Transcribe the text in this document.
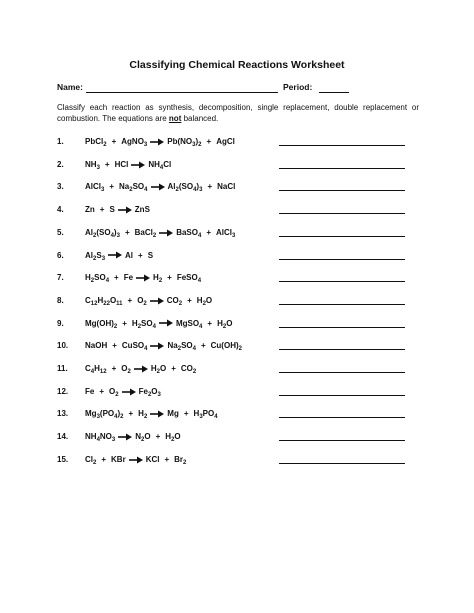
Classifying Chemical Reactions Worksheet
Name:	Period:

Classify each reaction as synthesis, decomposition, single replacement, double replacement or combustion. The equations are not balanced.

1.	PbCl$_2$ + AgNO$_3$ → $Pb(NO_3)_2$ + AgCl
2.	$NH_3$ + HCl → $NH_4Cl$
3.	AlCl$_3$ + $Na_2SO_4 \to Al_2(SO_4)_3$ + NaCl
4.	Zn + S → ZnS
5.	$Al_2(SO_4)_3$ + BaCl$_2$ → BaSO$_4$ + AlCl$_3$
6.	$Al_2S_3 \to Al + S$
7.	$H_2SO_4 + Fe \to H_2$ + FeSO$_4$
8.	$C_{12}H_{22}O_{11} + O_2 \to CO_2 + H_2O$
9.	$Mg(OH)_2 + H_2SO_4$ → MgSO$_4$ + $H_2O$
10. NaOH + CuSO$_4$ → $Na_2SO_4 + Cu(OH)_2$
11. $C_4H_{12} + O_2 \to H_2O + CO_2$
12. $Fe + O_2 \to Fe_2O_3$
13. $Mg_3(PO_4)_2 + H_2 \to Mg + H_3PO_4$
14. $NH_4NO_3 \to N_2O + H_2O$
15. $Cl_2$ + KBr → KCl + $Br_2$
